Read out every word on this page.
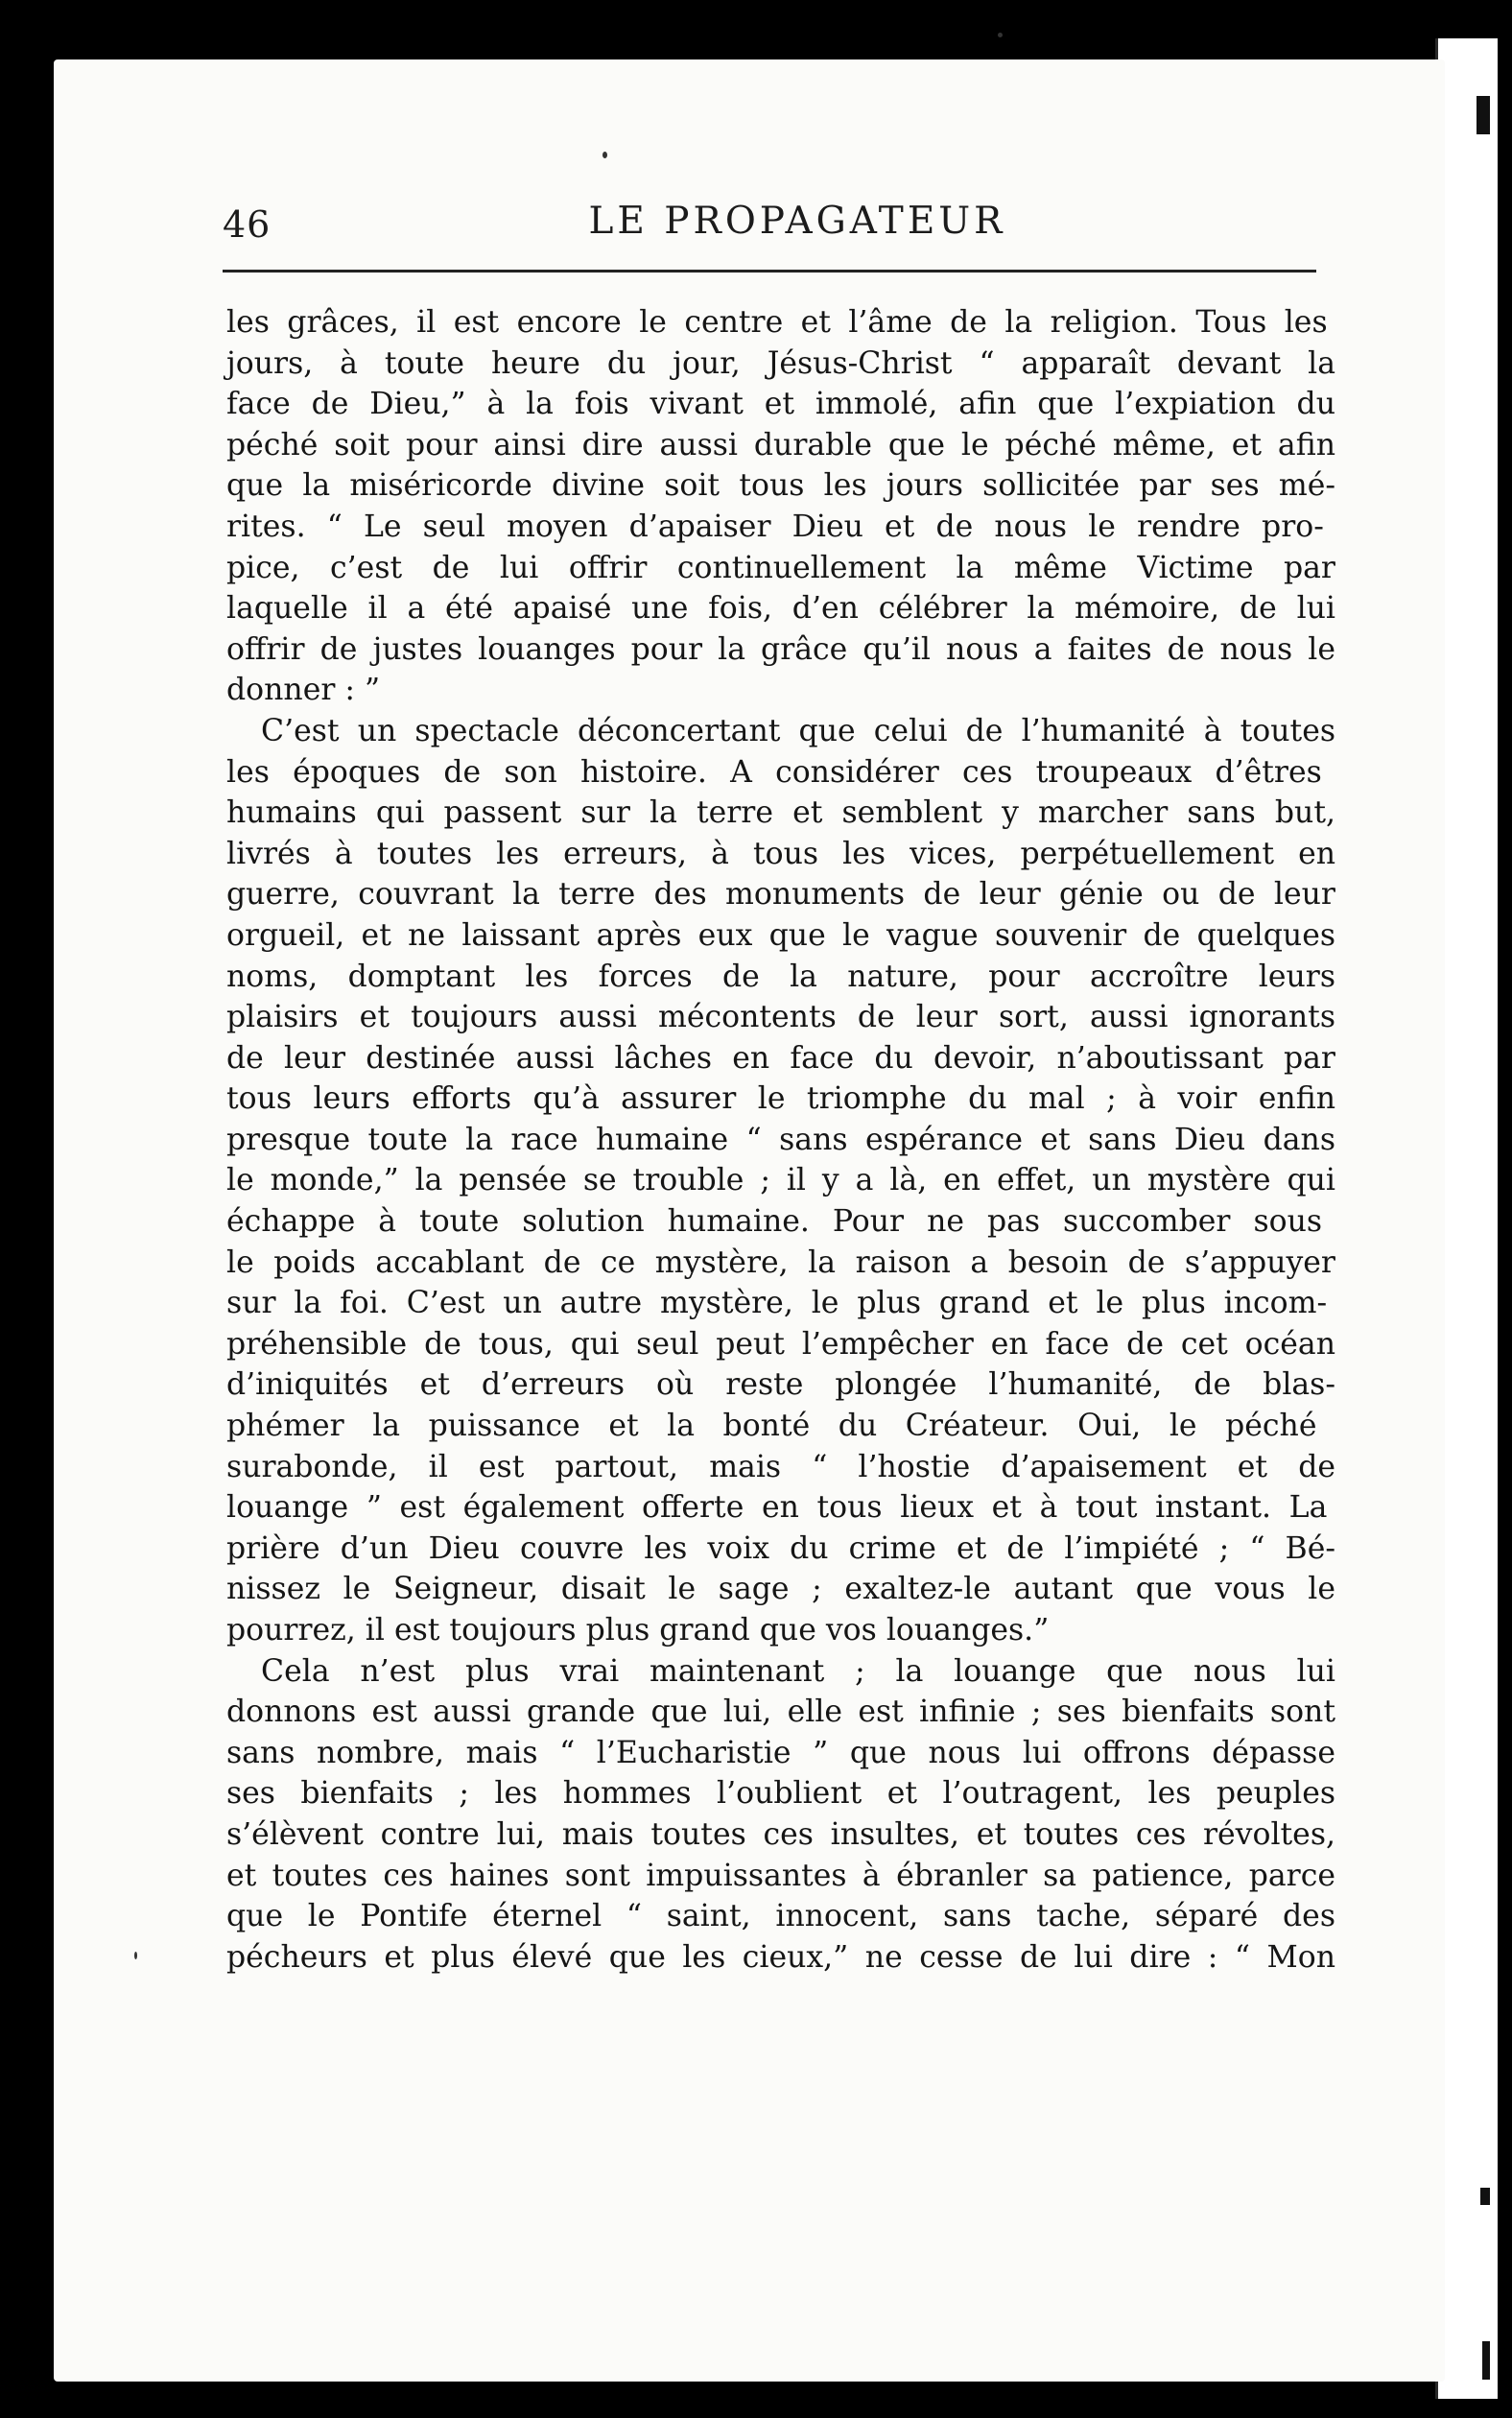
46	LE PROPAGATEUR
les grâces, il est encore le centre et l’âme de la religion. Tous les
jours, à toute heure du jour, Jésus-Christ “ apparaît devant la
face de Dieu,” à la fois vivant et immolé, afin que l’expiation du
péché soit pour ainsi dire aussi durable que le péché même, et afin
que la miséricorde divine soit tous les jours sollicitée par ses mé-
rites. “ Le seul moyen d’apaiser Dieu et de nous le rendre pro-
pice, c’est de lui offrir continuellement la même Victime par
laquelle il a été apaisé une fois, d’en célébrer la mémoire, de lui
offrir de justes louanges pour la grâce qu’il nous a faites de nous le
donner : ”
C’est un spectacle déconcertant que celui de l’humanité à toutes
les époques de son histoire. A considérer ces troupeaux d’êtres
humains qui passent sur la terre et semblent y marcher sans but,
livrés à toutes les erreurs, à tous les vices, perpétuellement en
guerre, couvrant la terre des monuments de leur génie ou de leur
orgueil, et ne laissant après eux que le vague souvenir de quelques
noms, domptant les forces de la nature, pour accroître leurs
plaisirs et toujours aussi mécontents de leur sort, aussi ignorants
de leur destinée aussi lâches en face du devoir, n’aboutissant par
tous leurs efforts qu’à assurer le triomphe du mal ; à voir enfin
presque toute la race humaine “ sans espérance et sans Dieu dans
le monde,” la pensée se trouble ; il y a là, en effet, un mystère qui
échappe à toute solution humaine. Pour ne pas succomber sous
le poids accablant de ce mystère, la raison a besoin de s’appuyer
sur la foi. C’est un autre mystère, le plus grand et le plus incom-
préhensible de tous, qui seul peut l’empêcher en face de cet océan
d’iniquités et d’erreurs où reste plongée l’humanité, de blas-
phémer la puissance et la bonté du Créateur. Oui, le péché
surabonde, il est partout, mais “ l’hostie d’apaisement et de
louange ” est également offerte en tous lieux et à tout instant. La
prière d’un Dieu couvre les voix du crime et de l’impiété ; “ Bé-
nissez le Seigneur, disait le sage ; exaltez-le autant que vous le
pourrez, il est toujours plus grand que vos louanges.”
Cela n’est plus vrai maintenant ; la louange que nous lui
donnons est aussi grande que lui, elle est infinie ; ses bienfaits sont
sans nombre, mais “ l’Eucharistie ” que nous lui offrons dépasse
ses bienfaits ; les hommes l’oublient et l’outragent, les peuples
s’élèvent contre lui, mais toutes ces insultes, et toutes ces révoltes,
et toutes ces haines sont impuissantes à ébranler sa patience, parce
que le Pontife éternel “ saint, innocent, sans tache, séparé des
pécheurs et plus élevé que les cieux,” ne cesse de lui dire : “ Mon
